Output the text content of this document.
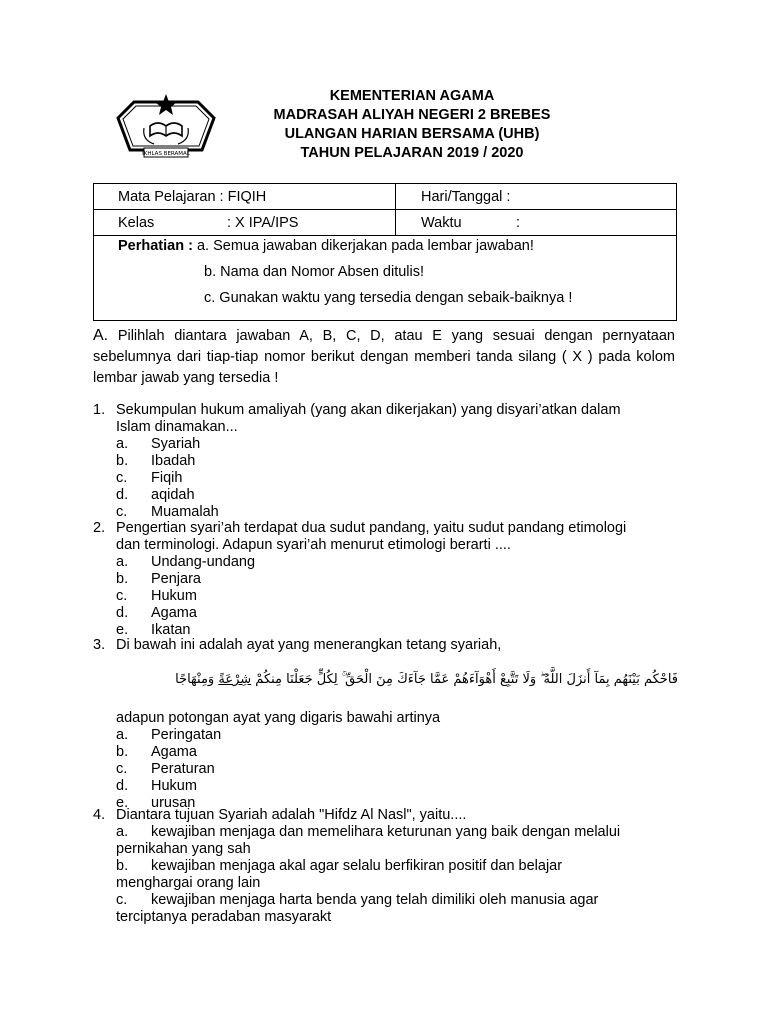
IKHLAS BERAMAL
KEMENTERIAN AGAMA
MADRASAH ALIYAH NEGERI 2 BREBES
ULANGAN HARIAN BERSAMA (UHB)
TAHUN PELAJARAN 2019 / 2020
Mata Pelajaran : FIQIH	Hari/Tanggal :
Kelas : X IPA/IPS	Waktu :

Perhatian : a. Semua jawaban dikerjakan pada lembar jawaban!
b. Nama dan Nomor Absen ditulis!
c. Gunakan waktu yang tersedia dengan sebaik-baiknya !	
A. Pilihlah diantara jawaban A, B, C, D, atau E yang sesuai dengan pernyataan sebelumnya dari tiap-tiap nomor berikut dengan memberi tanda silang ( X ) pada kolom lembar jawab yang tersedia !
1. Sekumpulan hukum amaliyah (yang akan dikerjakan) yang disyari’atkan dalam
Islam dinamakan...
a. Syariah
b. Ibadah
c. Fiqih
d. aqidah
c. Muamalah
2. Pengertian syari’ah terdapat dua sudut pandang, yaitu sudut pandang etimologi
dan terminologi. Adapun syari’ah menurut etimologi berarti ....
a. Undang-undang
b. Penjara
c. Hukum
d. Agama
e. Ikatan
3. Di bawah ini adalah ayat yang menerangkan tetang syariah,
فَاحْكُم بَيْنَهُم بِمَآ أَنزَلَ اللَّهُ ۖ وَلَا تَتَّبِعْ أَهْوَآءَهُمْ عَمَّا جَآءَكَ مِنَ الْحَقِّ ۚ لِكُلٍّ جَعَلْنَا مِنكُمْ شِرْعَةً وَمِنْهَاجًا
adapun potongan ayat yang digaris bawahi artinya
a. Peringatan
b. Agama
c. Peraturan
d. Hukum
e. urusan
4. Diantara tujuan Syariah adalah "Hifdz Al Nasl", yaitu....
a. kewajiban menjaga dan memelihara keturunan yang baik dengan melalui
pernikahan yang sah
b. kewajiban menjaga akal agar selalu berfikiran positif dan belajar
menghargai orang lain
c. kewajiban menjaga harta benda yang telah dimiliki oleh manusia agar
terciptanya peradaban masyarakt
